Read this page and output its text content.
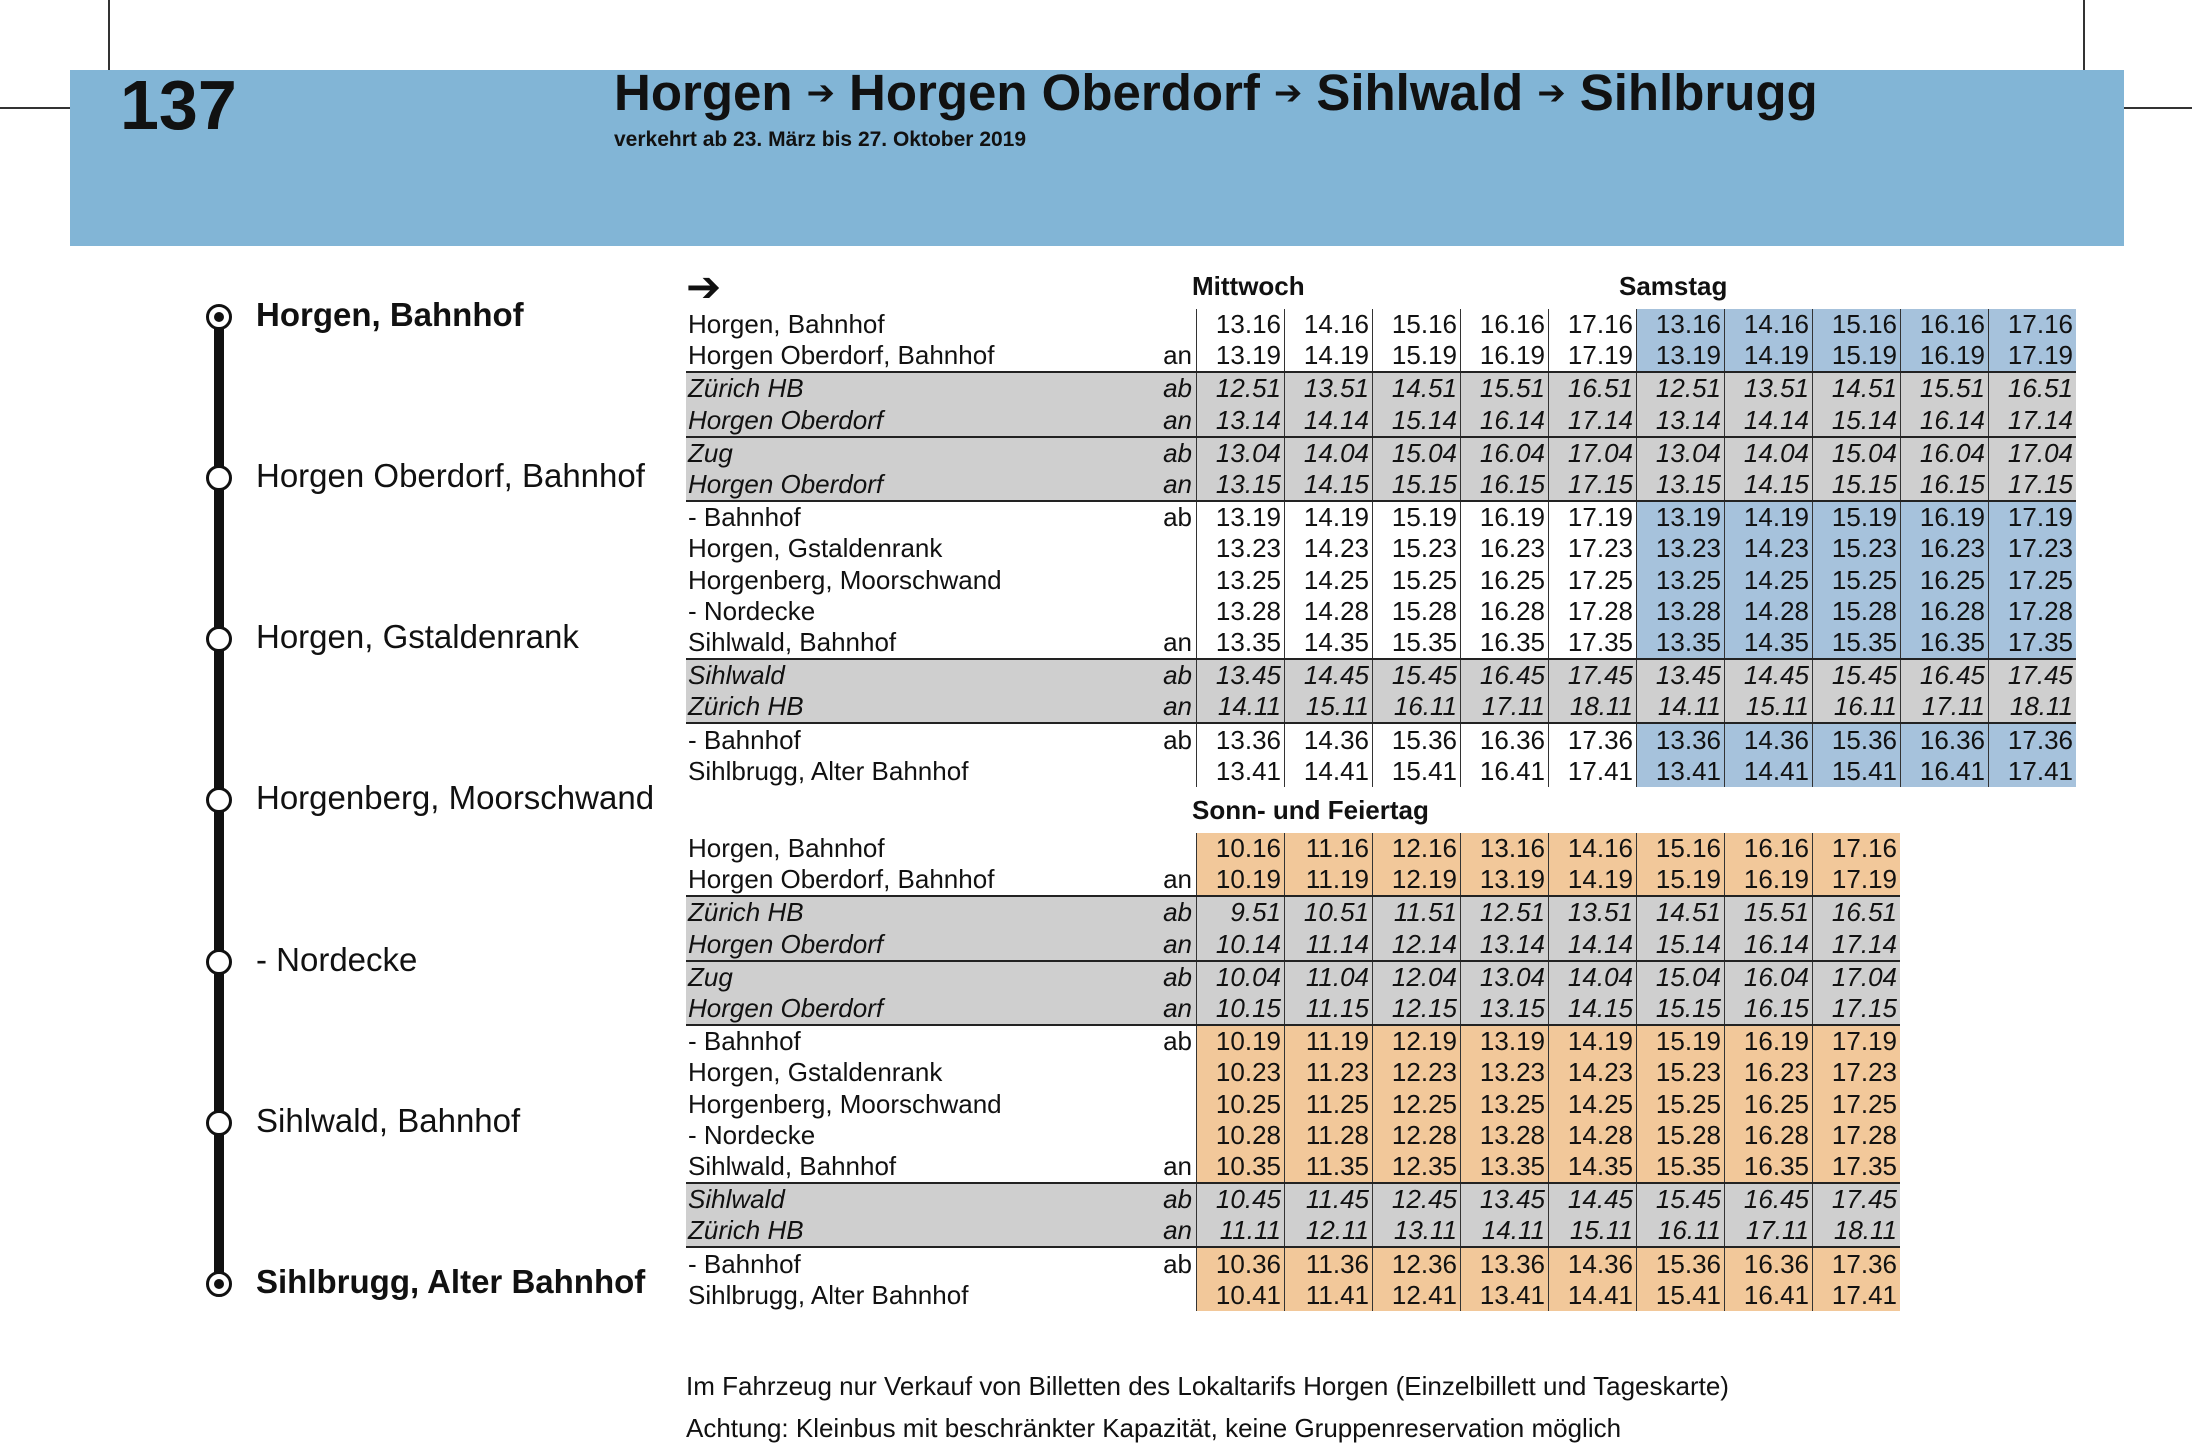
137	Horgen ➔ Horgen Oberdorf ➔ Sihlwald ➔ Sihlbrugg
verkehrt ab 23. März bis 27. Oktober 2019
Horgen, Bahnhof
Horgen Oberdorf, Bahnhof
Horgen, Gstaldenrank
Horgenberg, Moorschwand
- Nordecke
Sihlwald, Bahnhof
Sihlbrugg, Alter Bahnhof
➔	Mittwoch	Samstag
Horgen, Bahnhof		13.16	14.16	15.16	16.16	17.16	13.16	14.16	15.16	16.16	17.16
Horgen Oberdorf, Bahnhof	an	13.19	14.19	15.19	16.19	17.19	13.19	14.19	15.19	16.19	17.19
Zürich HB	ab	12.51	13.51	14.51	15.51	16.51	12.51	13.51	14.51	15.51	16.51
Horgen Oberdorf	an	13.14	14.14	15.14	16.14	17.14	13.14	14.14	15.14	16.14	17.14
Zug	ab	13.04	14.04	15.04	16.04	17.04	13.04	14.04	15.04	16.04	17.04
Horgen Oberdorf	an	13.15	14.15	15.15	16.15	17.15	13.15	14.15	15.15	16.15	17.15
- Bahnhof	ab	13.19	14.19	15.19	16.19	17.19	13.19	14.19	15.19	16.19	17.19
Horgen, Gstaldenrank		13.23	14.23	15.23	16.23	17.23	13.23	14.23	15.23	16.23	17.23
Horgenberg, Moorschwand		13.25	14.25	15.25	16.25	17.25	13.25	14.25	15.25	16.25	17.25
- Nordecke		13.28	14.28	15.28	16.28	17.28	13.28	14.28	15.28	16.28	17.28
Sihlwald, Bahnhof	an	13.35	14.35	15.35	16.35	17.35	13.35	14.35	15.35	16.35	17.35
Sihlwald	ab	13.45	14.45	15.45	16.45	17.45	13.45	14.45	15.45	16.45	17.45
Zürich HB	an	14.11	15.11	16.11	17.11	18.11	14.11	15.11	16.11	17.11	18.11
- Bahnhof	ab	13.36	14.36	15.36	16.36	17.36	13.36	14.36	15.36	16.36	17.36
Sihlbrugg, Alter Bahnhof		13.41	14.41	15.41	16.41	17.41	13.41	14.41	15.41	16.41	17.41
Sonn- und Feiertag
Horgen, Bahnhof		10.16	11.16	12.16	13.16	14.16	15.16	16.16	17.16
Horgen Oberdorf, Bahnhof	an	10.19	11.19	12.19	13.19	14.19	15.19	16.19	17.19
Zürich HB	ab	9.51	10.51	11.51	12.51	13.51	14.51	15.51	16.51
Horgen Oberdorf	an	10.14	11.14	12.14	13.14	14.14	15.14	16.14	17.14
Zug	ab	10.04	11.04	12.04	13.04	14.04	15.04	16.04	17.04
Horgen Oberdorf	an	10.15	11.15	12.15	13.15	14.15	15.15	16.15	17.15
- Bahnhof	ab	10.19	11.19	12.19	13.19	14.19	15.19	16.19	17.19
Horgen, Gstaldenrank		10.23	11.23	12.23	13.23	14.23	15.23	16.23	17.23
Horgenberg, Moorschwand		10.25	11.25	12.25	13.25	14.25	15.25	16.25	17.25
- Nordecke		10.28	11.28	12.28	13.28	14.28	15.28	16.28	17.28
Sihlwald, Bahnhof	an	10.35	11.35	12.35	13.35	14.35	15.35	16.35	17.35
Sihlwald	ab	10.45	11.45	12.45	13.45	14.45	15.45	16.45	17.45
Zürich HB	an	11.11	12.11	13.11	14.11	15.11	16.11	17.11	18.11
- Bahnhof	ab	10.36	11.36	12.36	13.36	14.36	15.36	16.36	17.36
Sihlbrugg, Alter Bahnhof		10.41	11.41	12.41	13.41	14.41	15.41	16.41	17.41
Im Fahrzeug nur Verkauf von Billetten des Lokaltarifs Horgen (Einzelbillett und Tageskarte)
Achtung: Kleinbus mit beschränkter Kapazität, keine Gruppenreservation möglich
